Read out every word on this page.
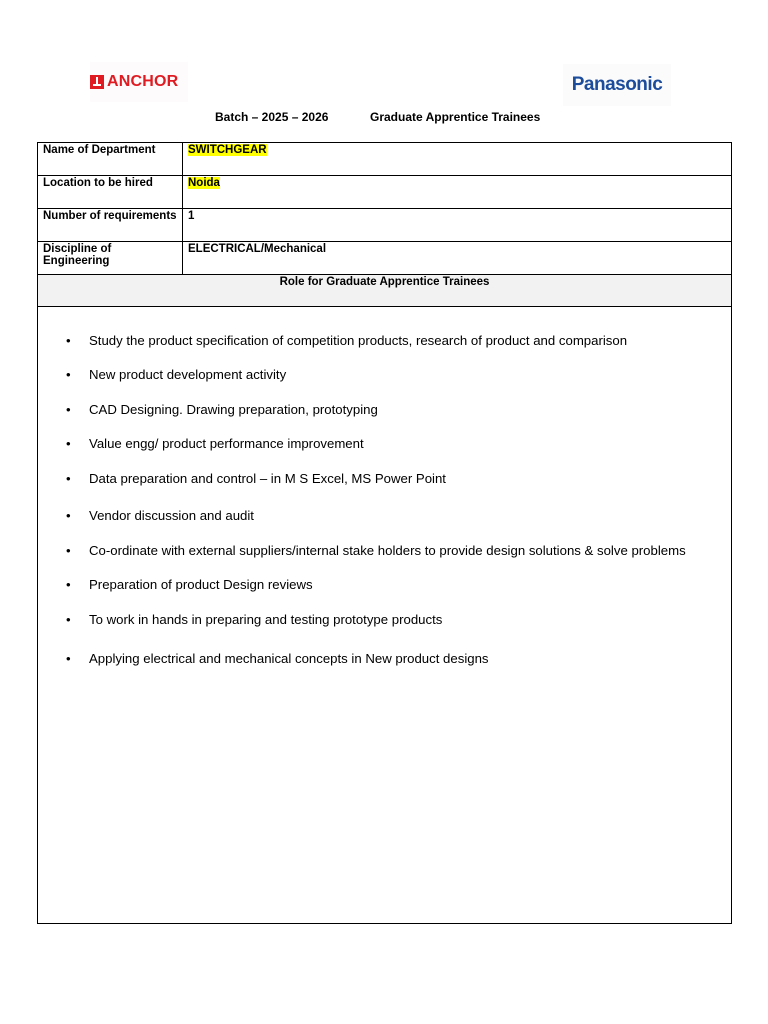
ANCHOR	Panasonic
Batch – 2025 – 2026	Graduate Apprentice Trainees
Name of Department	SWITCHGEAR
Location to be hired	Noida
Number of requirements	1
Discipline of Engineering	ELECTRICAL/Mechanical
Role for Graduate Apprentice Trainees	
• Study the product specification of competition products, research of product and comparison
• New product development activity
• CAD Designing. Drawing preparation, prototyping
• Value engg/ product performance improvement
• Data preparation and control – in M S Excel, MS Power Point
• Vendor discussion and audit
• Co-ordinate with external suppliers/internal stake holders to provide design solutions & solve problems
• Preparation of product Design reviews
• To work in hands in preparing and testing prototype products
• Applying electrical and mechanical concepts in New product designs
